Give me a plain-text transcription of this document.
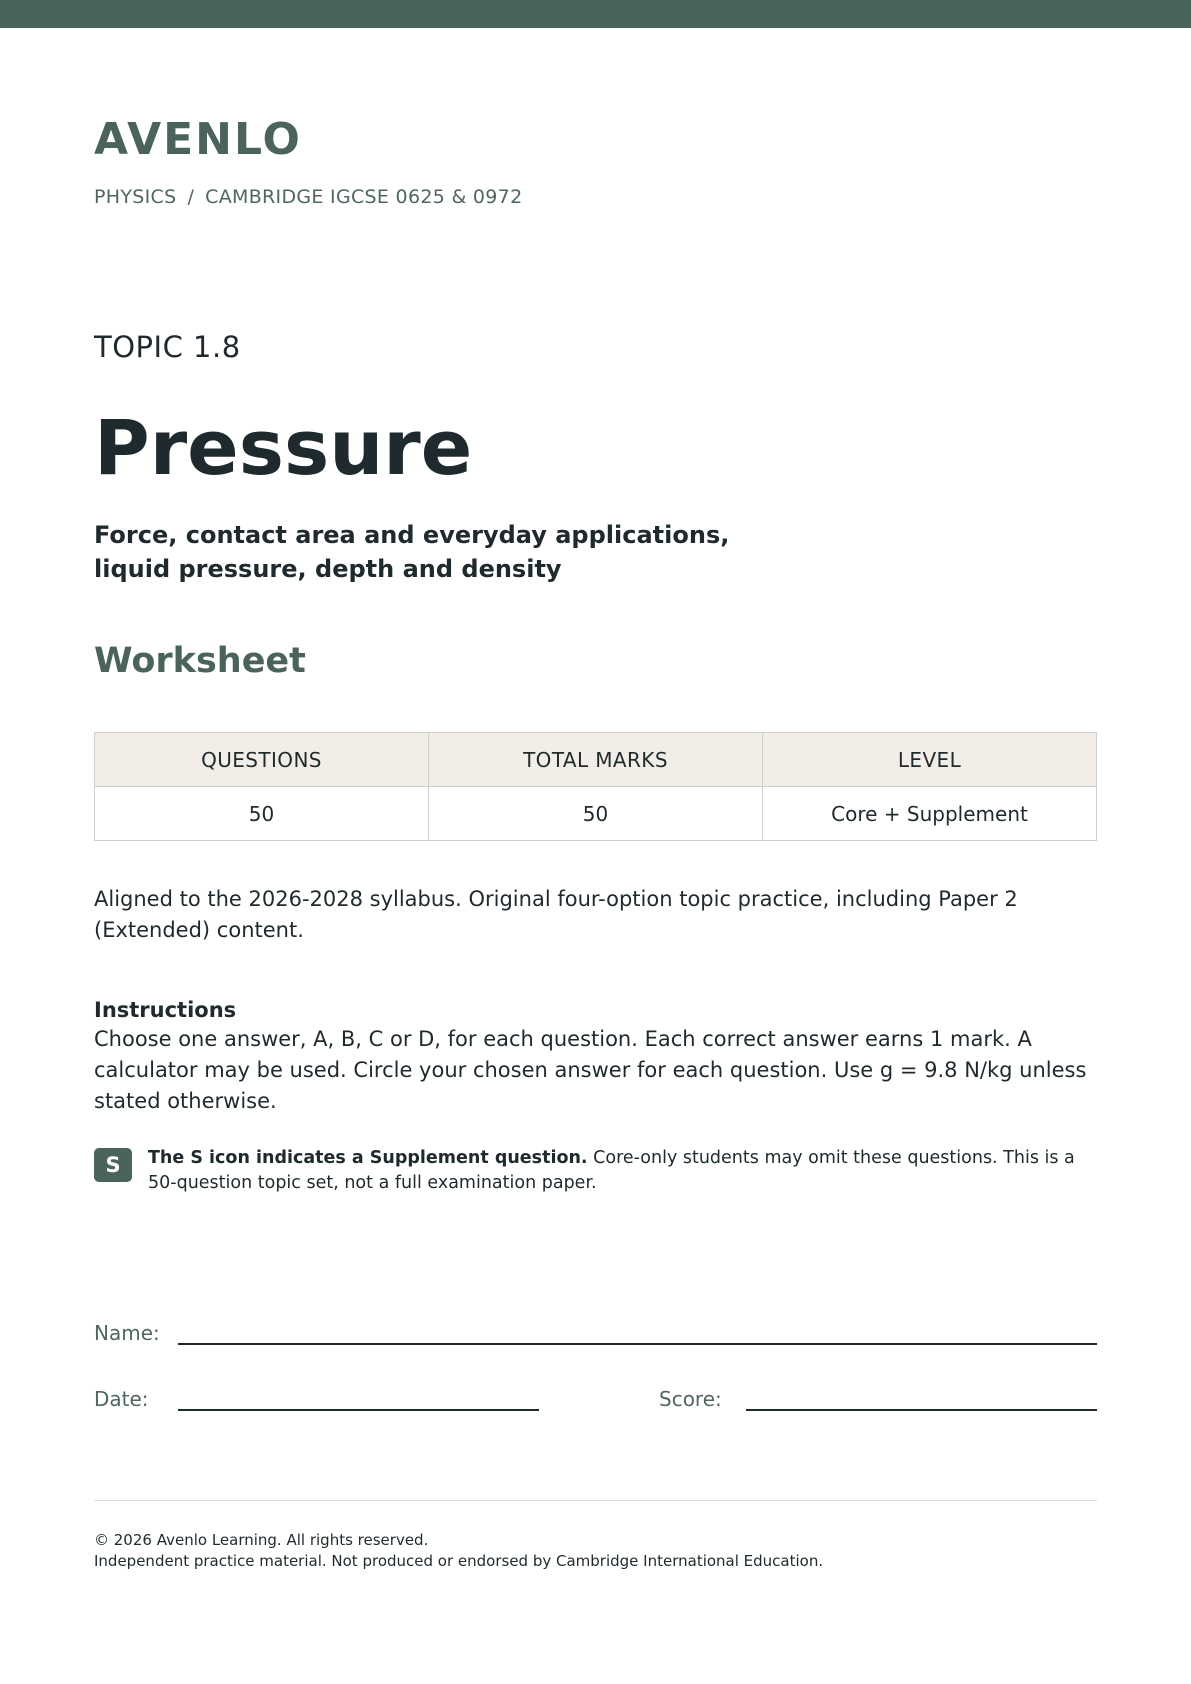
AVENLO
PHYSICS / CAMBRIDGE IGCSE 0625 & 0972
TOPIC 1.8
Pressure
Force, contact area and everyday applications,
liquid pressure, depth and density
Worksheet
QUESTIONS	TOTAL MARKS	LEVEL
50	50	Core + Supplement

Aligned to the 2026-2028 syllabus. Original four-option topic practice, including Paper 2 (Extended) content.

Instructions

Choose one answer, A, B, C or D, for each question. Each correct answer earns 1 mark. A calculator may be used. Circle your chosen answer for each question. Use g = 9.8 N/kg unless stated otherwise.

S	The S icon indicates a Supplement question. Core-only students may omit these questions. This is a 50-question topic set, not a full examination paper.

Name:
Date:	Score:
© 2026 Avenlo Learning. All rights reserved.
Independent practice material. Not produced or endorsed by Cambridge International Education.
